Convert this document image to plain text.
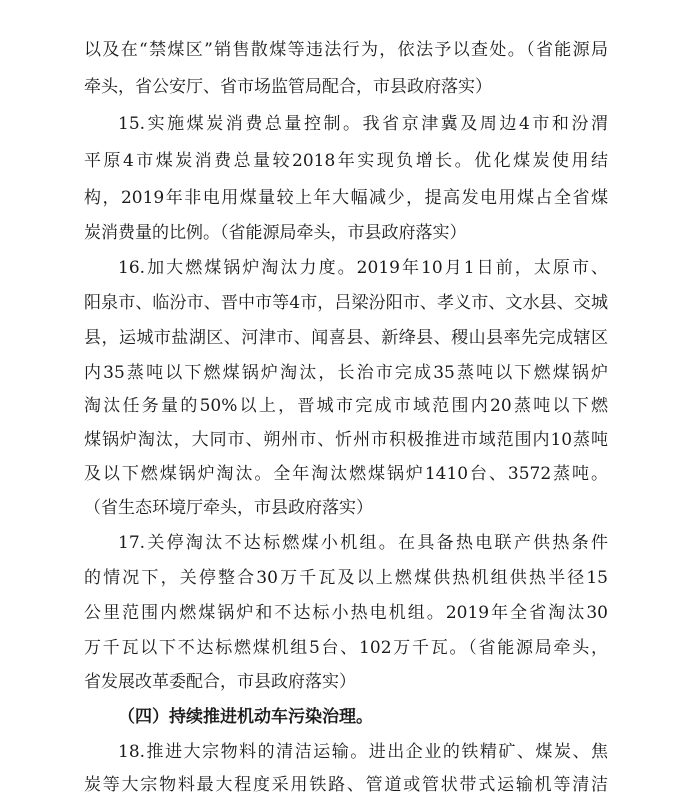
以及在“禁煤区”销售散煤等违法行为，依法予以查处。（省能源局
牵头，省公安厅、省市场监管局配合，市县政府落实）
15.实施煤炭消费总量控制。我省京津冀及周边4市和汾渭
平原4市煤炭消费总量较2018年实现负增长。优化煤炭使用结
构，2019年非电用煤量较上年大幅减少，提高发电用煤占全省煤
炭消费量的比例。（省能源局牵头，市县政府落实）
16.加大燃煤锅炉淘汰力度。2019年10月1日前，太原市、
阳泉市、临汾市、晋中市等4市，吕梁汾阳市、孝义市、文水县、交城
县，运城市盐湖区、河津市、闻喜县、新绛县、稷山县率先完成辖区
内35蒸吨以下燃煤锅炉淘汰，长治市完成35蒸吨以下燃煤锅炉
淘汰任务量的50%以上，晋城市完成市域范围内20蒸吨以下燃
煤锅炉淘汰，大同市、朔州市、忻州市积极推进市域范围内10蒸吨
及以下燃煤锅炉淘汰。全年淘汰燃煤锅炉1410台、3572蒸吨。
（省生态环境厅牵头，市县政府落实）
17.关停淘汰不达标燃煤小机组。在具备热电联产供热条件
的情况下，关停整合30万千瓦及以上燃煤供热机组供热半径15
公里范围内燃煤锅炉和不达标小热电机组。2019年全省淘汰30
万千瓦以下不达标燃煤机组5台、102万千瓦。（省能源局牵头，
省发展改革委配合，市县政府落实）
（四）持续推进机动车污染治理。
18.推进大宗物料的清洁运输。进出企业的铁精矿、煤炭、焦
炭等大宗物料最大程度采用铁路、管道或管状带式运输机等清洁
